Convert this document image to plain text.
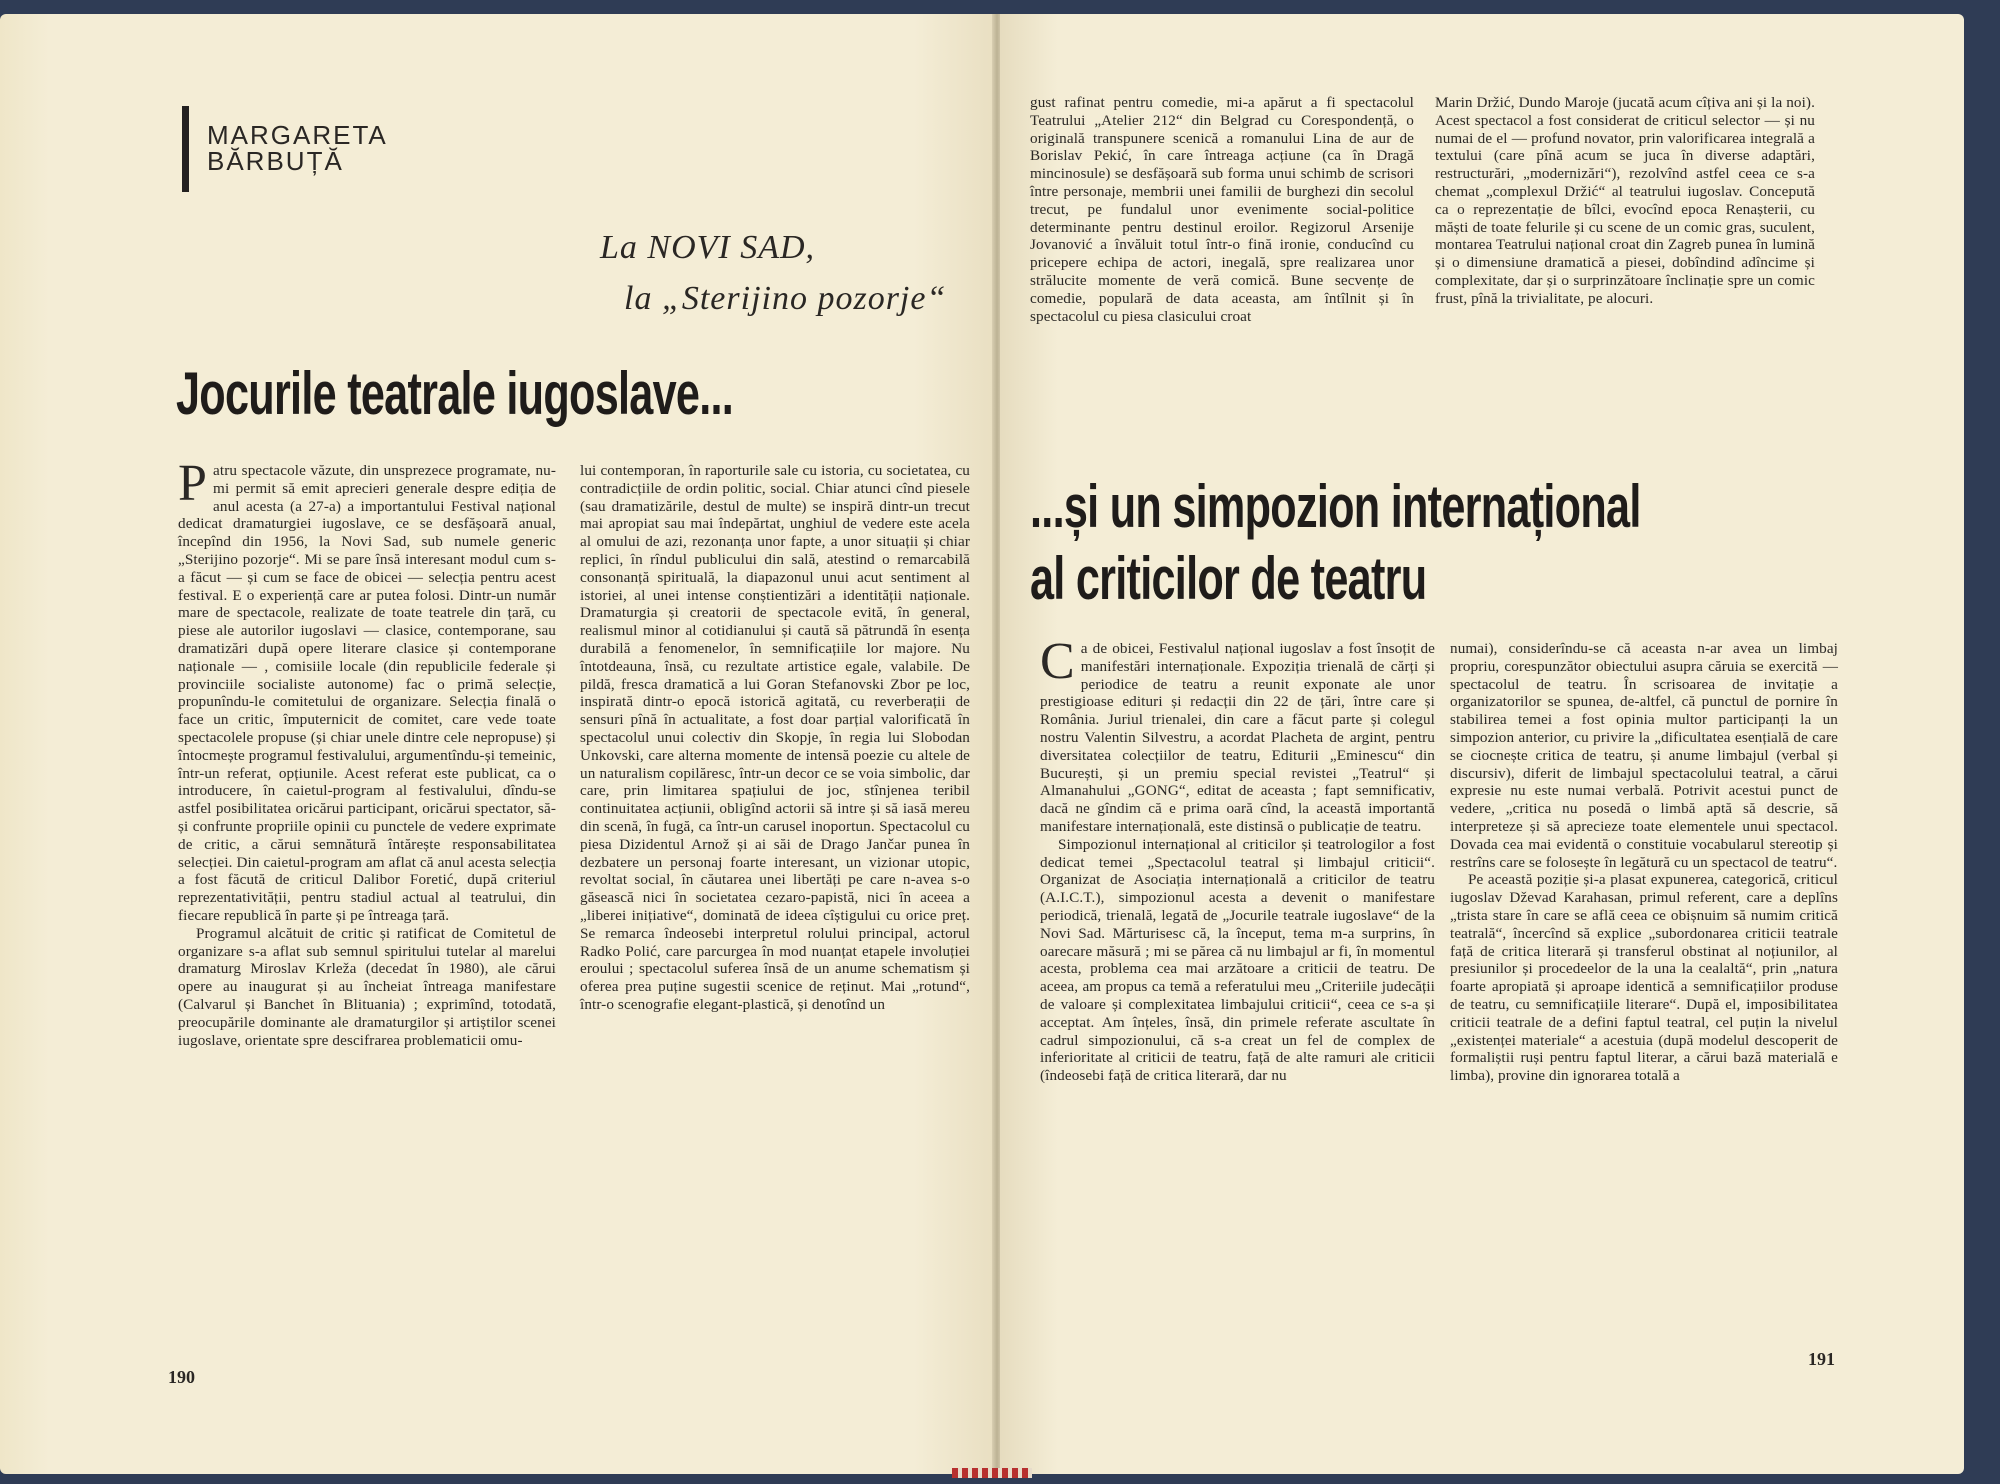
MARGARETA
BĂRBUȚĂ
La NOVI SAD,
la „Sterijino pozorje“
Jocurile teatrale iugoslave...

Patru spectacole văzute, din unsprezece programate, nu-mi permit să emit aprecieri generale despre ediția de anul acesta (a 27-a) a importantului Festival național dedicat dramaturgiei iugoslave, ce se desfășoară anual, începînd din 1956, la Novi Sad, sub numele generic „Sterijino pozorje“. Mi se pare însă interesant modul cum s-a făcut — și cum se face de obicei — selecția pentru acest festival. E o experiență care ar putea folosi. Dintr-un număr mare de spectacole, realizate de toate teatrele din țară, cu piese ale autorilor iugoslavi — clasice, contemporane, sau dramatizări după opere literare clasice și contemporane naționale — , comisiile locale (din republicile federale și provinciile socialiste autonome) fac o primă selecție, propunîndu-le comitetului de organizare. Selecția finală o face un critic, împuternicit de comitet, care vede toate spectacolele propuse (și chiar unele dintre cele nepropuse) și întocmește programul festivalului, argumentîndu-și temeinic, într-un referat, opțiunile. Acest referat este publicat, ca o introducere, în caietul-program al festivalului, dîndu-se astfel posibilitatea oricărui participant, oricărui spectator, să-și confrunte propriile opinii cu punctele de vedere exprimate de critic, a cărui semnătură întărește responsabilitatea selecției. Din caietul-program am aflat că anul acesta selecția a fost făcută de criticul Dalibor Foretić, după criteriul reprezentativității, pentru stadiul actual al teatrului, din fiecare republică în parte și pe întreaga țară.

Programul alcătuit de critic și ratificat de Comitetul de organizare s-a aflat sub semnul spiritului tutelar al marelui dramaturg Miroslav Krleža (decedat în 1980), ale cărui opere au inaugurat și au încheiat întreaga manifestare (Calvarul și Banchet în Blituania) ; exprimînd, totodată, preocupările dominante ale dramaturgilor și artiștilor scenei iugoslave, orientate spre descifrarea problematicii omu-

lui contemporan, în raporturile sale cu istoria, cu societatea, cu contradicțiile de ordin politic, social. Chiar atunci cînd piesele (sau dramatizările, destul de multe) se inspiră dintr-un trecut mai apropiat sau mai îndepărtat, unghiul de vedere este acela al omului de azi, rezonanța unor fapte, a unor situații și chiar replici, în rîndul publicului din sală, atestind o remarcabilă consonanță spirituală, la diapazonul unui acut sentiment al istoriei, al unei intense conștientizări a identității naționale. Dramaturgia și creatorii de spectacole evită, în general, realismul minor al cotidianului și caută să pătrundă în esența durabilă a fenomenelor, în semnificațiile lor majore. Nu întotdeauna, însă, cu rezultate artistice egale, valabile. De pildă, fresca dramatică a lui Goran Stefanovski Zbor pe loc, inspirată dintr-o epocă istorică agitată, cu reverberații de sensuri pînă în actualitate, a fost doar parțial valorificată în spectacolul unui colectiv din Skopje, în regia lui Slobodan Unkovski, care alterna momente de intensă poezie cu altele de un naturalism copilăresc, într-un decor ce se voia simbolic, dar care, prin limitarea spațiului de joc, stînjenea teribil continuitatea acțiunii, obligînd actorii să intre și să iasă mereu din scenă, în fugă, ca într-un carusel inoportun. Spectacolul cu piesa Dizidentul Arnož și ai săi de Drago Jančar punea în dezbatere un personaj foarte interesant, un vizionar utopic, revoltat social, în căutarea unei libertăți pe care n-avea s-o găsească nici în societatea cezaro-papistă, nici în aceea a „liberei inițiative“, dominată de ideea cîștigului cu orice preț. Se remarca îndeosebi interpretul rolului principal, actorul Radko Polić, care parcurgea în mod nuanțat etapele involuției eroului ; spectacolul suferea însă de un anume schematism și oferea prea puține sugestii scenice de reținut. Mai „rotund“, într-o scenografie elegant-plastică, și denotînd un

190

gust rafinat pentru comedie, mi-a apărut a fi spectacolul Teatrului „Atelier 212“ din Belgrad cu Corespondență, o originală transpunere scenică a romanului Lina de aur de Borislav Pekić, în care întreaga acțiune (ca în Dragă mincinosule) se desfășoară sub forma unui schimb de scrisori între personaje, membrii unei familii de burghezi din secolul trecut, pe fundalul unor evenimente social-politice determinante pentru destinul eroilor. Regizorul Arsenije Jovanović a învăluit totul într-o fină ironie, conducînd cu pricepere echipa de actori, inegală, spre realizarea unor strălucite momente de veră comică. Bune secvențe de comedie, populară de data aceasta, am întîlnit și în spectacolul cu piesa clasicului croat

Marin Držić, Dundo Maroje (jucată acum cîțiva ani și la noi). Acest spectacol a fost considerat de criticul selector — și nu numai de el — profund novator, prin valorificarea integrală a textului (care pînă acum se juca în diverse adaptări, restructurări, „modernizări“), rezolvînd astfel ceea ce s-a chemat „complexul Držić“ al teatrului iugoslav. Concepută ca o reprezentație de bîlci, evocînd epoca Renașterii, cu măști de toate felurile și cu scene de un comic gras, suculent, montarea Teatrului național croat din Zagreb punea în lumină și o dimensiune dramatică a piesei, dobîndind adîncime și complexitate, dar și o surprinzătoare înclinație spre un comic frust, pînă la trivialitate, pe alocuri.

...și un simpozion internațional
al criticilor de teatru

Ca de obicei, Festivalul național iugoslav a fost însoțit de manifestări internaționale. Expoziția trienală de cărți și periodice de teatru a reunit exponate ale unor prestigioase edituri și redacții din 22 de țări, între care și România. Juriul trienalei, din care a făcut parte și colegul nostru Valentin Silvestru, a acordat Placheta de argint, pentru diversitatea colecțiilor de teatru, Editurii „Eminescu“ din București, și un premiu special revistei „Teatrul“ și Almanahului „GONG“, editat de aceasta ; fapt semnificativ, dacă ne gîndim că e prima oară cînd, la această importantă manifestare internațională, este distinsă o publicație de teatru.

Simpozionul internațional al criticilor și teatrologilor a fost dedicat temei „Spectacolul teatral și limbajul criticii“. Organizat de Asociația internațională a criticilor de teatru (A.I.C.T.), simpozionul acesta a devenit o manifestare periodică, trienală, legată de „Jocurile teatrale iugoslave“ de la Novi Sad. Mărturisesc că, la început, tema m-a surprins, în oarecare măsură ; mi se părea că nu limbajul ar fi, în momentul acesta, problema cea mai arzătoare a criticii de teatru. De aceea, am propus ca temă a referatului meu „Criteriile judecății de valoare și complexitatea limbajului criticii“, ceea ce s-a și acceptat. Am înțeles, însă, din primele referate ascultate în cadrul simpozionului, că s-a creat un fel de complex de inferioritate al criticii de teatru, față de alte ramuri ale criticii (îndeosebi față de critica literară, dar nu

numai), considerîndu-se că aceasta n-ar avea un limbaj propriu, corespunzător obiectului asupra căruia se exercită — spectacolul de teatru. În scrisoarea de invitație a organizatorilor se spunea, de-altfel, că punctul de pornire în stabilirea temei a fost opinia multor participanți la un simpozion anterior, cu privire la „dificultatea esențială de care se ciocnește critica de teatru, și anume limbajul (verbal și discursiv), diferit de limbajul spectacolului teatral, a cărui expresie nu este numai verbală. Potrivit acestui punct de vedere, „critica nu posedă o limbă aptă să descrie, să interpreteze și să aprecieze toate elementele unui spectacol. Dovada cea mai evidentă o constituie vocabularul stereotip și restrîns care se folosește în legătură cu un spectacol de teatru“.

Pe această poziție și-a plasat expunerea, categorică, criticul iugoslav Dževad Karahasan, primul referent, care a deplîns „trista stare în care se află ceea ce obișnuim să numim critică teatrală“, încercînd să explice „subordonarea criticii teatrale față de critica literară și transferul obstinat al noțiunilor, al presiunilor și procedeelor de la una la cealaltă“, prin „natura foarte apropiată și aproape identică a semnificațiilor produse de teatru, cu semnificațiile literare“. După el, imposibilitatea criticii teatrale de a defini faptul teatral, cel puțin la nivelul „existenței materiale“ a acestuia (după modelul descoperit de formaliștii ruși pentru faptul literar, a cărui bază materială e limba), provine din ignorarea totală a

191
